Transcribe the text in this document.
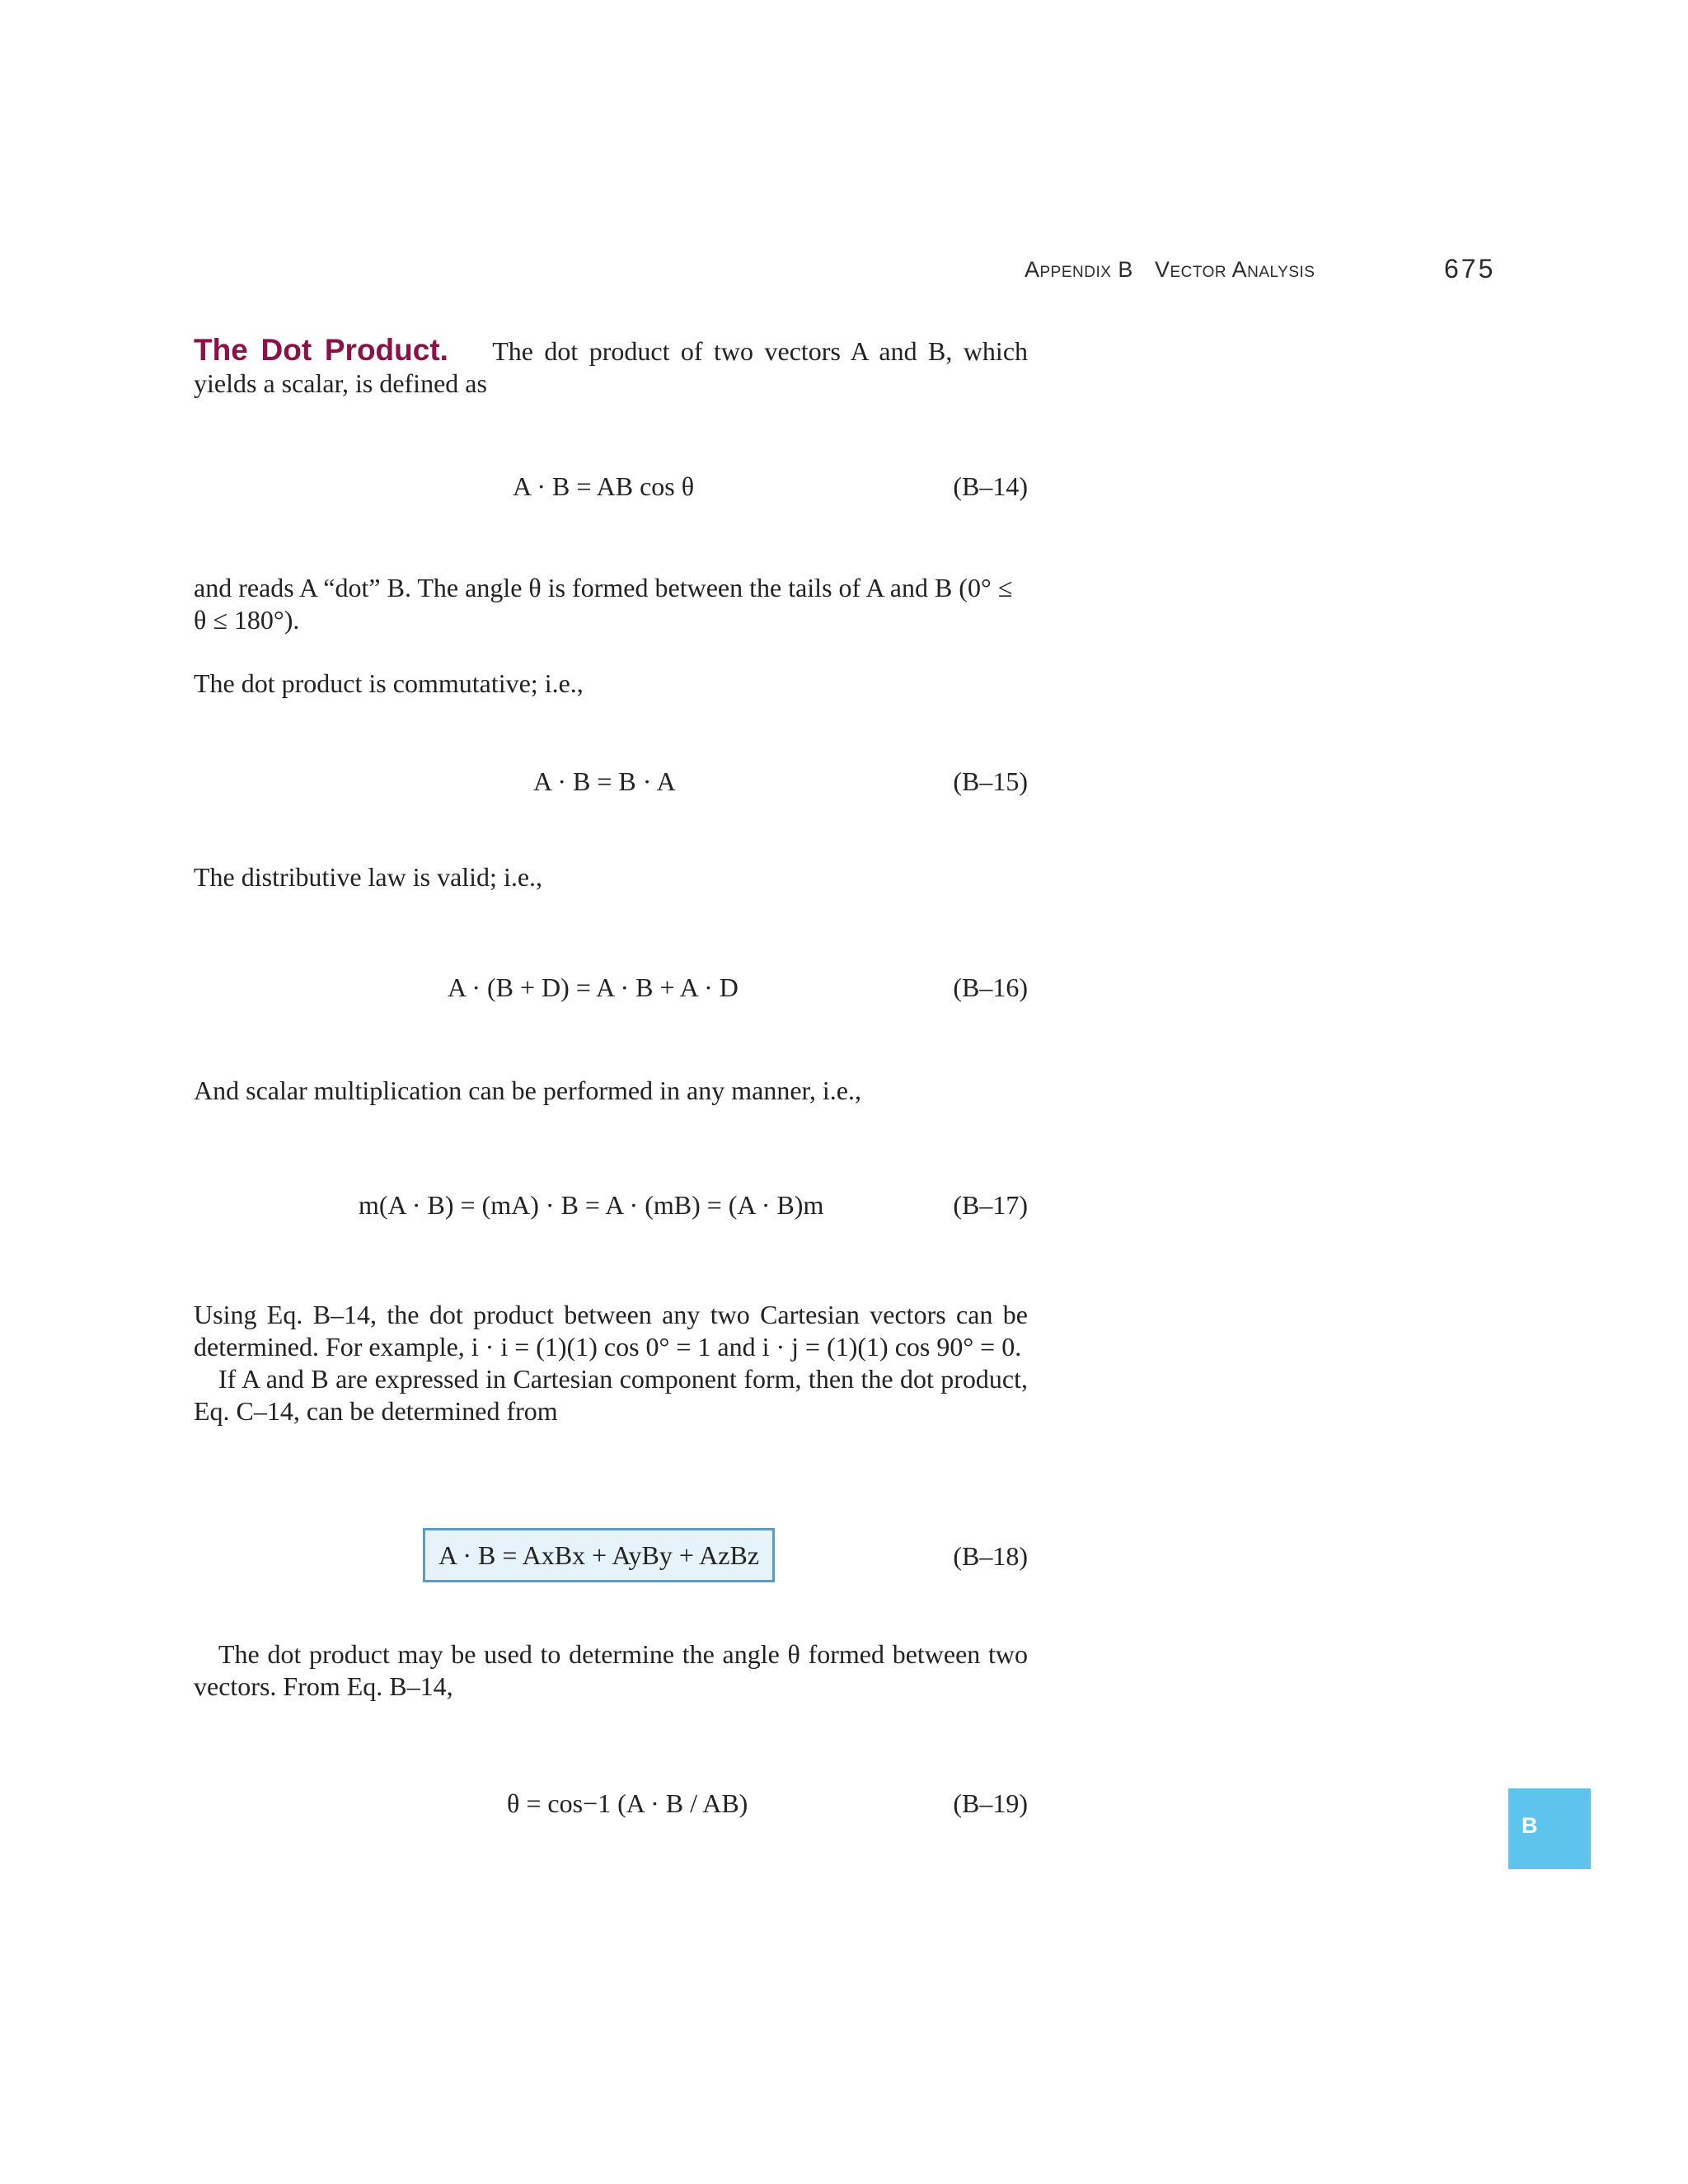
Appendix B Vector Analysis	675

The Dot Product. The dot product of two vectors A and B, which yields a scalar, is defined as

A · B = AB cos θ	(B–14)

and reads A “dot” B. The angle θ is formed between the tails of A and B (0° ≤ θ ≤ 180°).

The dot product is commutative; i.e.,

A · B = B · A	(B–15)

The distributive law is valid; i.e.,

A · (B + D) = A · B + A · D	(B–16)

And scalar multiplication can be performed in any manner, i.e.,

m(A · B) = (mA) · B = A · (mB) = (A · B)m	(B–17)

Using Eq. B–14, the dot product between any two Cartesian vectors can be determined. For example, i · i = (1)(1) cos 0° = 1 and i · j = (1)(1) cos 90° = 0.

If A and B are expressed in Cartesian component form, then the dot product, Eq. C–14, can be determined from

A · B = AxBx + AyBy + AzBz	(B–18)

The dot product may be used to determine the angle θ formed between two vectors. From Eq. B–14,

θ = cos−1 (A · B / AB)	(B–19)
B
